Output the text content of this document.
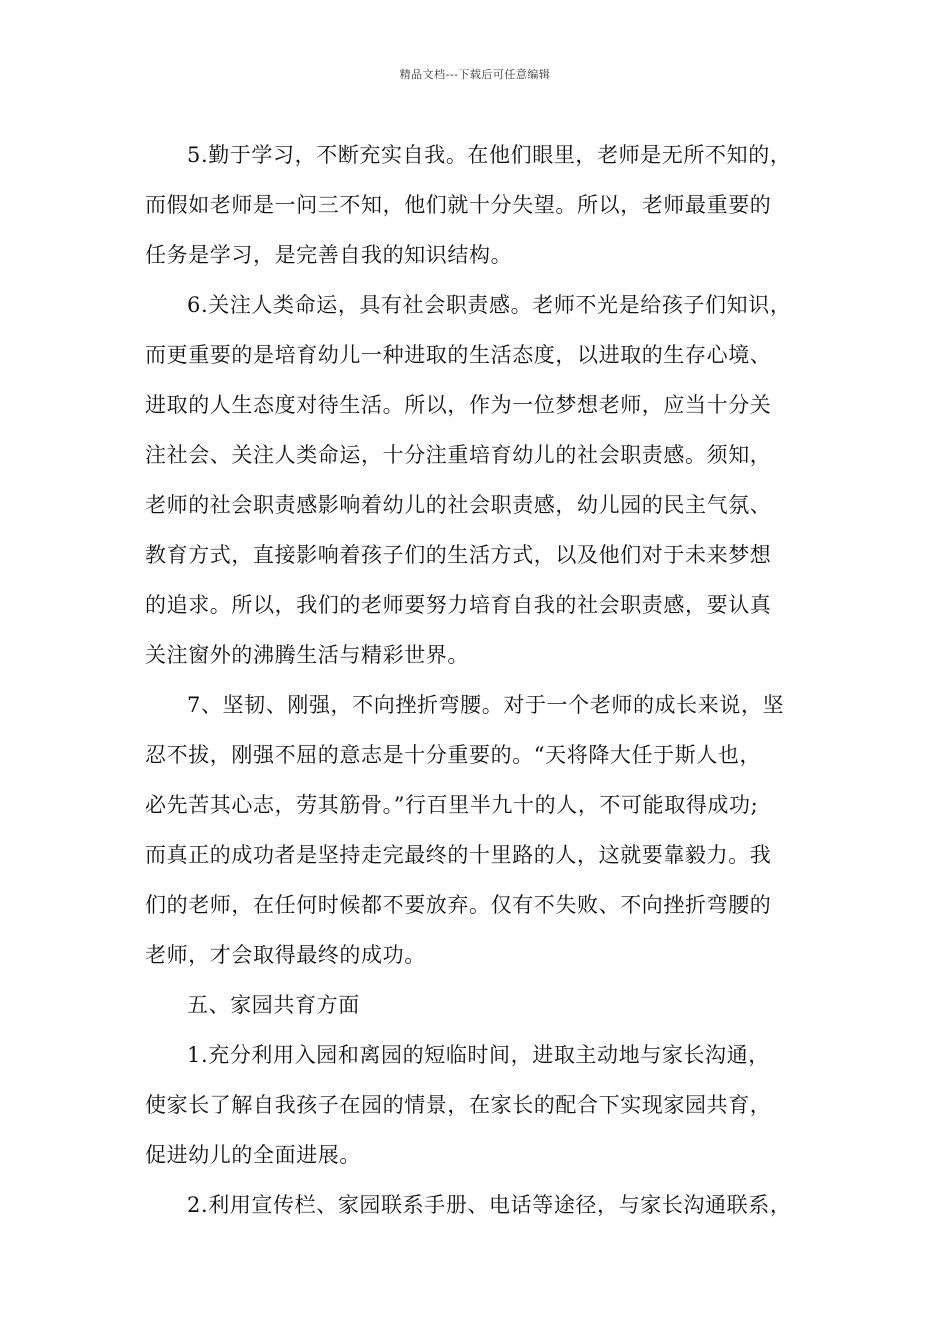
精品文档---下载后可任意编辑
5.勤于学习，不断充实自我。在他们眼里，老师是无所不知的，
而假如老师是一问三不知，他们就十分失望。所以，老师最重要的
任务是学习，是完善自我的知识结构。
6.关注人类命运，具有社会职责感。老师不光是给孩子们知识，
而更重要的是培育幼儿一种进取的生活态度，以进取的生存心境、
进取的人生态度对待生活。所以，作为一位梦想老师，应当十分关
注社会、关注人类命运，十分注重培育幼儿的社会职责感。须知，
老师的社会职责感影响着幼儿的社会职责感，幼儿园的民主气氛、
教育方式，直接影响着孩子们的生活方式，以及他们对于未来梦想
的追求。所以，我们的老师要努力培育自我的社会职责感，要认真
关注窗外的沸腾生活与精彩世界。
7、坚韧、刚强，不向挫折弯腰。对于一个老师的成长来说，坚
忍不拔，刚强不屈的意志是十分重要的。“天将降大任于斯人也，
必先苦其心志，劳其筋骨。”行百里半九十的人，不可能取得成功;
而真正的成功者是坚持走完最终的十里路的人，这就要靠毅力。我
们的老师，在任何时候都不要放弃。仅有不失败、不向挫折弯腰的
老师，才会取得最终的成功。
五、家园共育方面
1.充分利用入园和离园的短临时间，进取主动地与家长沟通，
使家长了解自我孩子在园的情景，在家长的配合下实现家园共育，
促进幼儿的全面进展。
2.利用宣传栏、家园联系手册、电话等途径，与家长沟通联系，
